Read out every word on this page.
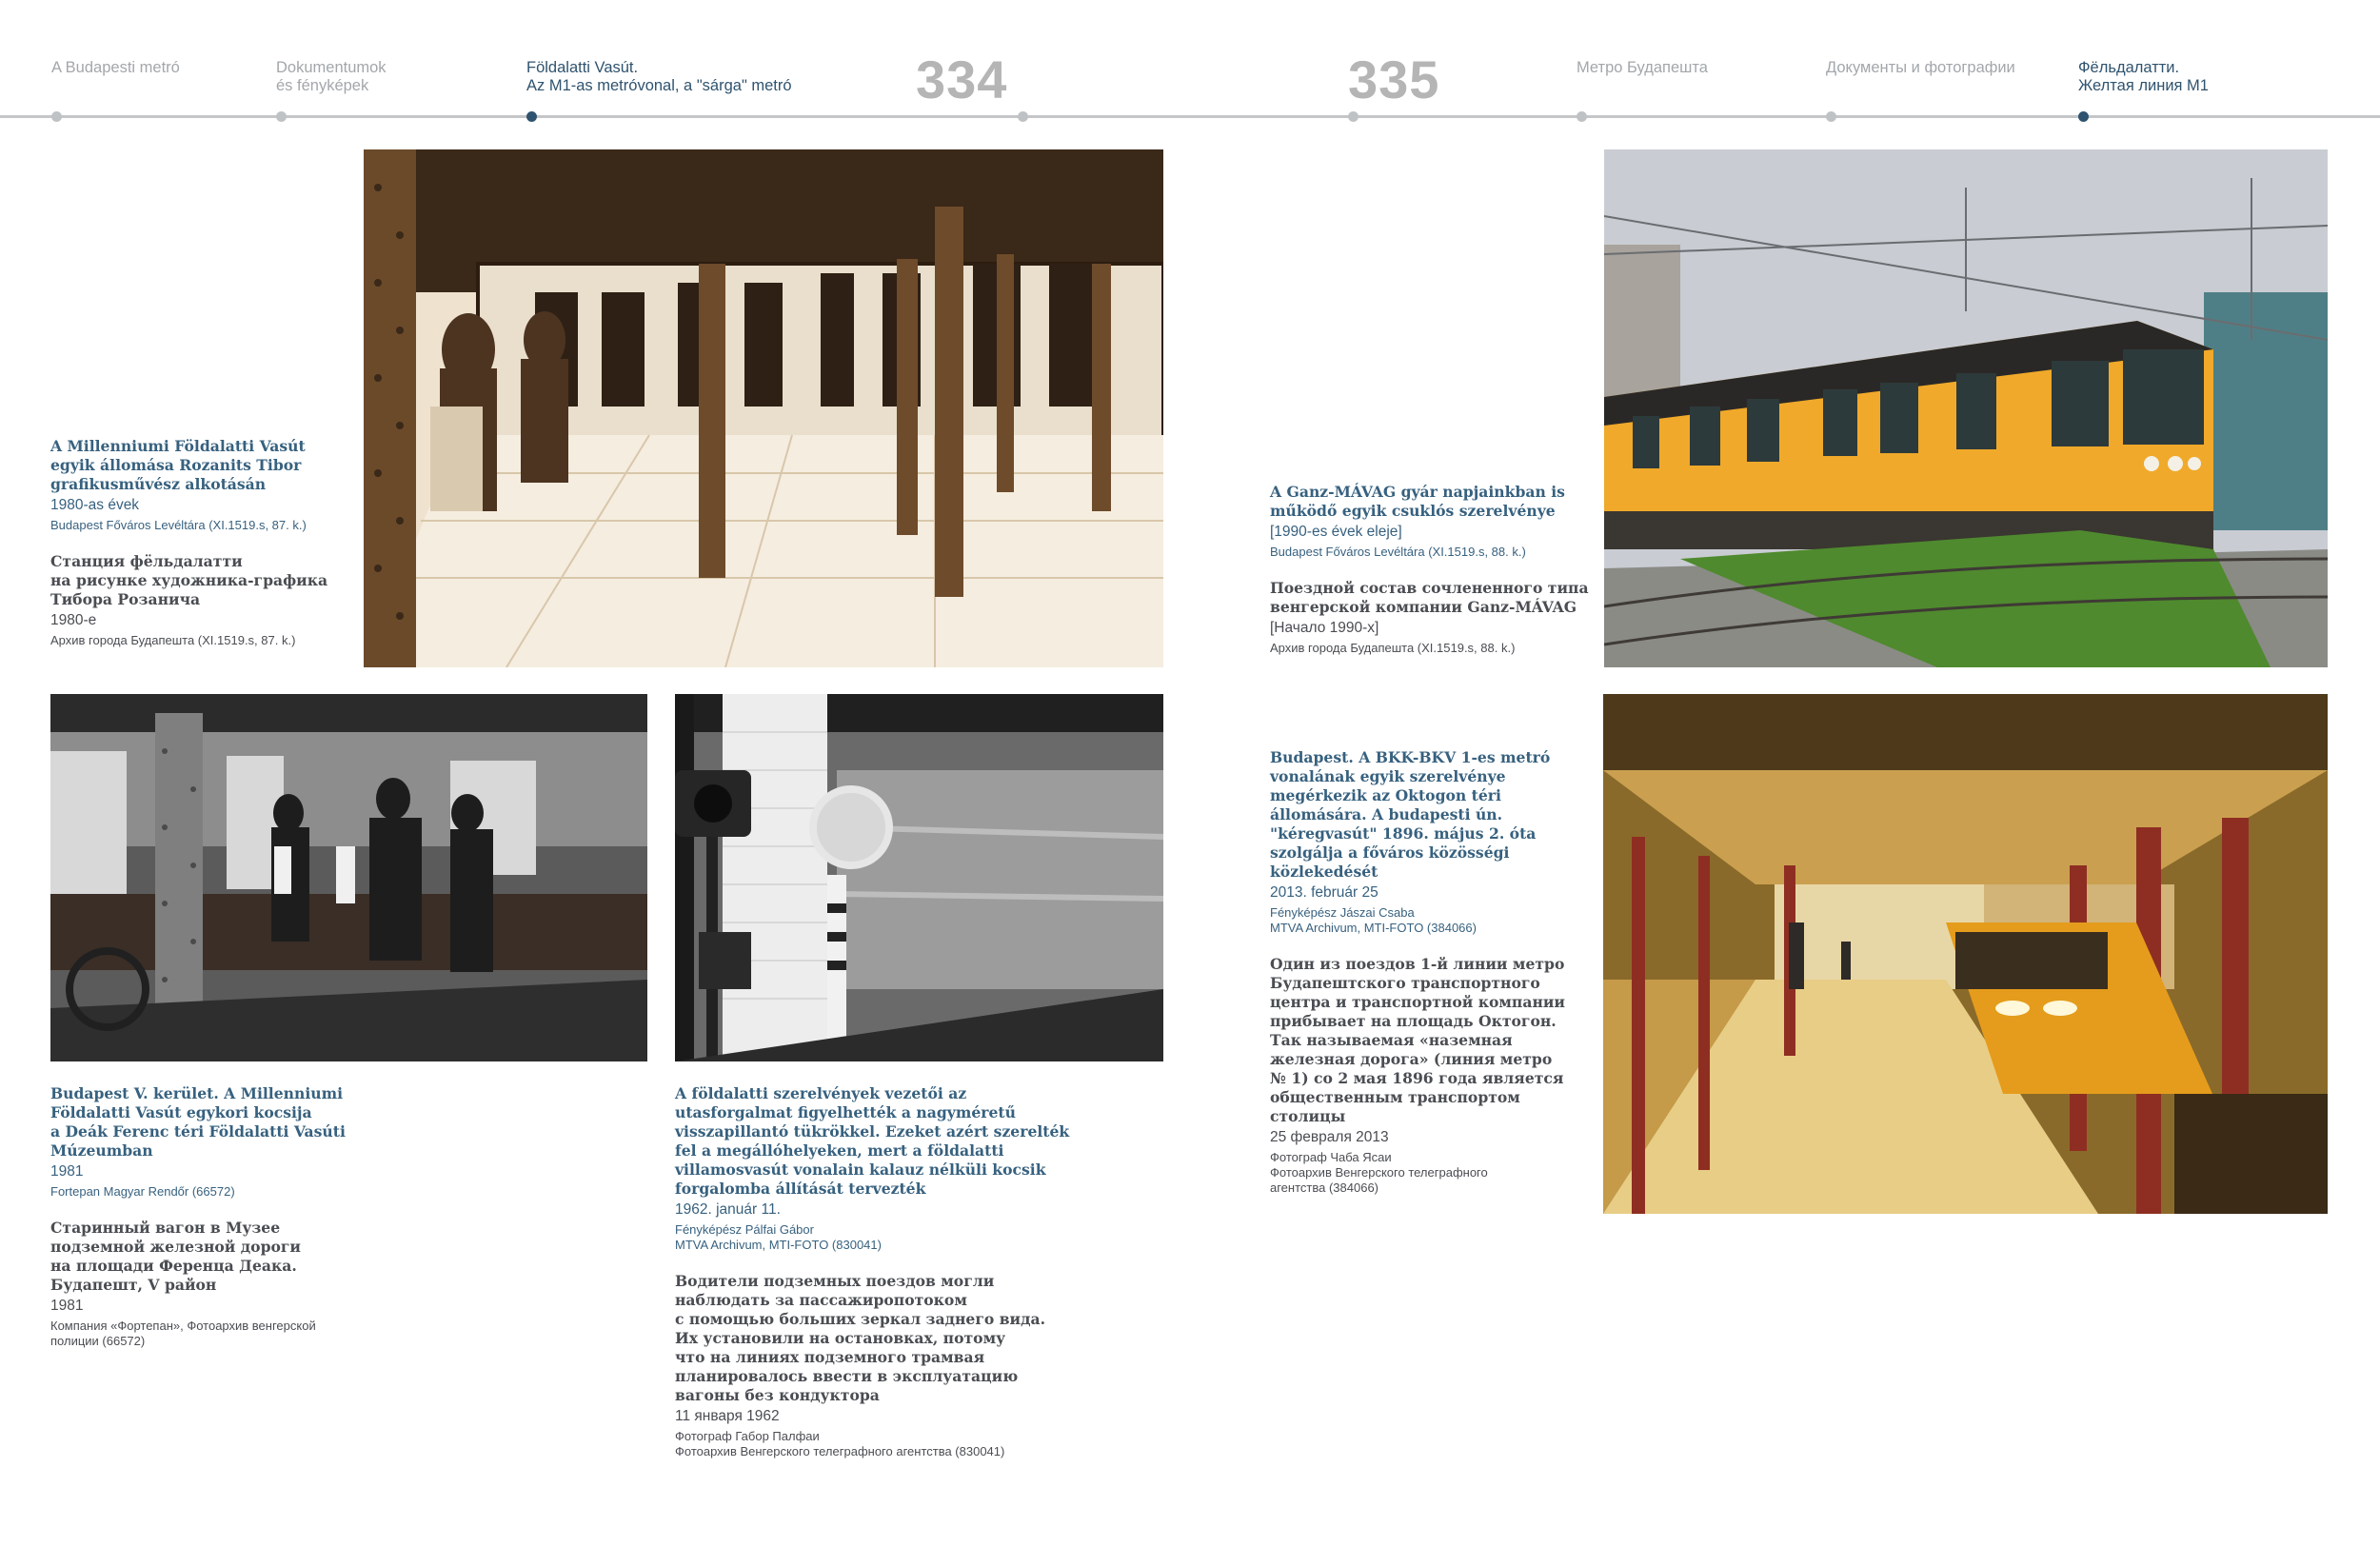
A Budapesti metró	Dokumentumok
és fényképek
Földalatti Vasút.
Az M1-as metróvonal, a "sárga" metró 334	335	Метро Будапешта	Документы и фотографии	Фёльдалатти.
Желтая линия М1

A Millenniumi Földalatti Vasút
egyik állomása Rozanits Tibor
grafikusművész alkotásán

1980-as évek

Budapest Főváros Levéltára (XI.1519.s, 87. k.)

Станция фёльдалатти
на рисунке художника-графика
Тибора Розанича

1980-е

Архив города Будапешта (XI.1519.s, 87. k.)

A Ganz-MÁVAG gyár napjainkban is
működő egyik csuklós szerelvénye

[1990-es évek eleje]

Budapest Főváros Levéltára (XI.1519.s, 88. k.)

Поездной состав сочлененного типа
венгерской компании Ganz-MÁVAG

[Начало 1990-х]

Архив города Будапешта (XI.1519.s, 88. k.)

Budapest V. kerület. A Millenniumi
Földalatti Vasút egykori kocsija
a Deák Ferenc téri Földalatti Vasúti
Múzeumban

1981

Fortepan Magyar Rendőr (66572)

Старинный вагон в Музее
подземной железной дороги
на площади Ференца Деака.
Будапешт, V район

1981

Компания «Фортепан», Фотоархив венгерской
полиции (66572)

A földalatti szerelvények vezetői az
utasforgalmat figyelhették a nagyméretű
visszapillantó tükrökkel. Ezeket azért szerelték
fel a megállóhelyeken, mert a földalatti
villamosvasút vonalain kalauz nélküli kocsik
forgalomba állítását tervezték

1962. január 11.

Fényképész Pálfai Gábor
MTVA Archivum, MTI-FOTO (830041)

Водители подземных поездов могли
наблюдать за пассажиропотоком
с помощью больших зеркал заднего вида.
Их установили на остановках, потому
что на линиях подземного трамвая
планировалось ввести в эксплуатацию
вагоны без кондуктора

11 января 1962

Фотограф Габор Палфаи
Фотоархив Венгерского телеграфного агентства (830041)

Budapest. A BKK-BKV 1-es metró
vonalának egyik szerelvénye
megérkezik az Oktogon téri
állomására. A budapesti ún.
"kéregvasút" 1896. május 2. óta
szolgálja a főváros közösségi
közlekedését

2013. február 25

Fényképész Jászai Csaba
MTVA Archivum, MTI-FOTO (384066)

Один из поездов 1-й линии метро
Будапештского транспортного
центра и транспортной компании
прибывает на площадь Октогон.
Так называемая «наземная
железная дорога» (линия метро
№ 1) со 2 мая 1896 года является
общественным транспортом
столицы

25 февраля 2013

Фотограф Чаба Ясаи
Фотоархив Венгерского телеграфного
агентства (384066)
